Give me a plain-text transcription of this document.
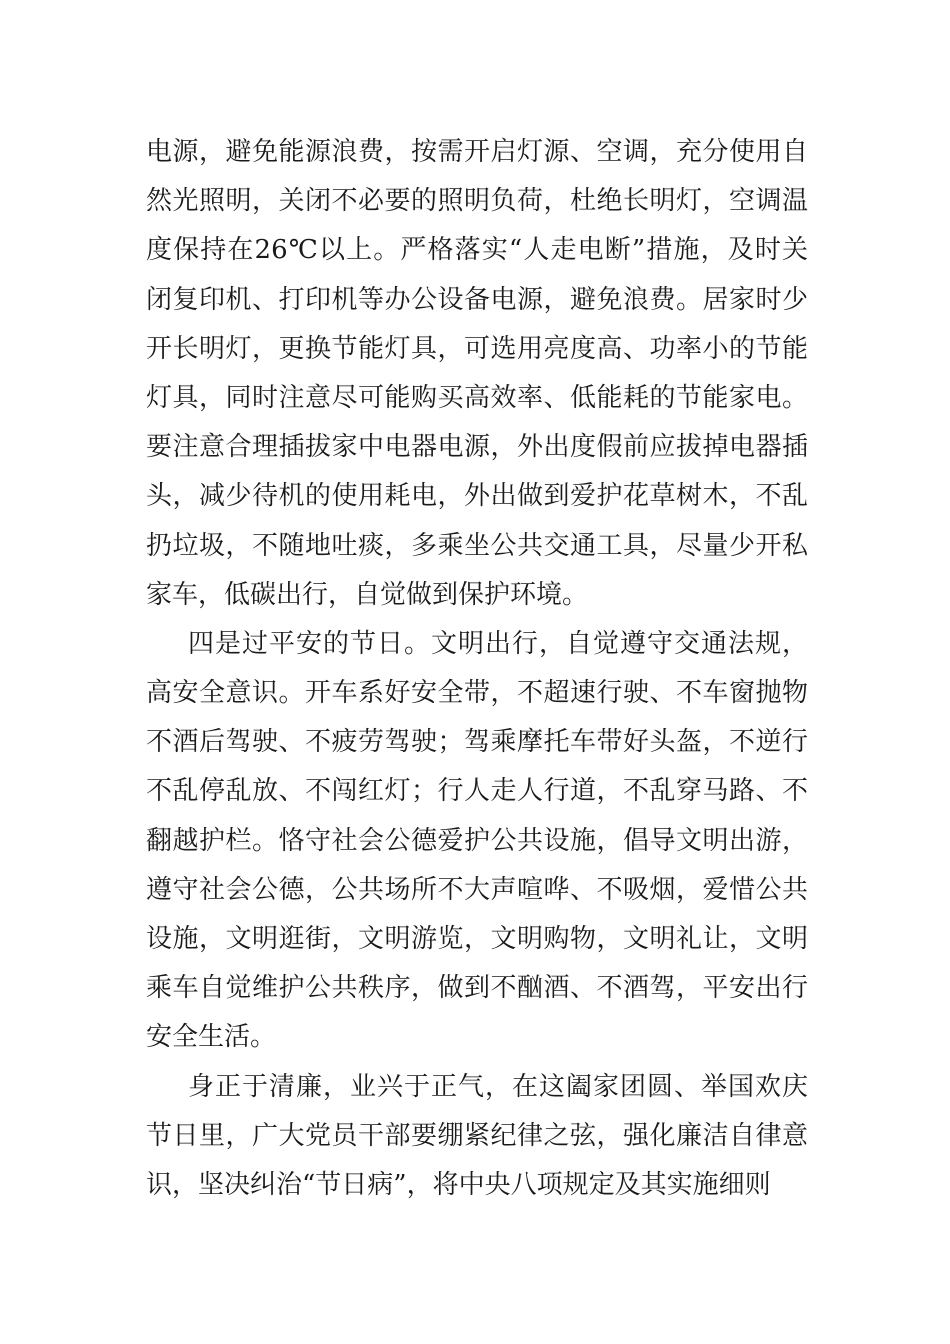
电源，避免能源浪费，按需开启灯源、空调，充分使用自
然光照明，关闭不必要的照明负荷，杜绝长明灯，空调温
度保持在26℃以上。严格落实“人走电断”措施，及时关
闭复印机、打印机等办公设备电源，避免浪费。居家时少
开长明灯，更换节能灯具，可选用亮度高、功率小的节能
灯具，同时注意尽可能购买高效率、低能耗的节能家电。
要注意合理插拔家中电器电源，外出度假前应拔掉电器插
头，减少待机的使用耗电，外出做到爱护花草树木，不乱
扔垃圾，不随地吐痰，多乘坐公共交通工具，尽量少开私
家车，低碳出行，自觉做到保护环境。
四是过平安的节日。文明出行，自觉遵守交通法规，
高安全意识。开车系好安全带，不超速行驶、不车窗抛物
不酒后驾驶、不疲劳驾驶；驾乘摩托车带好头盔，不逆行
不乱停乱放、不闯红灯；行人走人行道，不乱穿马路、不
翻越护栏。恪守社会公德爱护公共设施，倡导文明出游，
遵守社会公德，公共场所不大声喧哗、不吸烟，爱惜公共
设施，文明逛街，文明游览，文明购物，文明礼让，文明
乘车自觉维护公共秩序，做到不酗酒、不酒驾，平安出行
安全生活。
身正于清廉，业兴于正气，在这阖家团圆、举国欢庆
节日里，广大党员干部要绷紧纪律之弦，强化廉洁自律意
识，坚决纠治“节日病”，将中央八项规定及其实施细则
